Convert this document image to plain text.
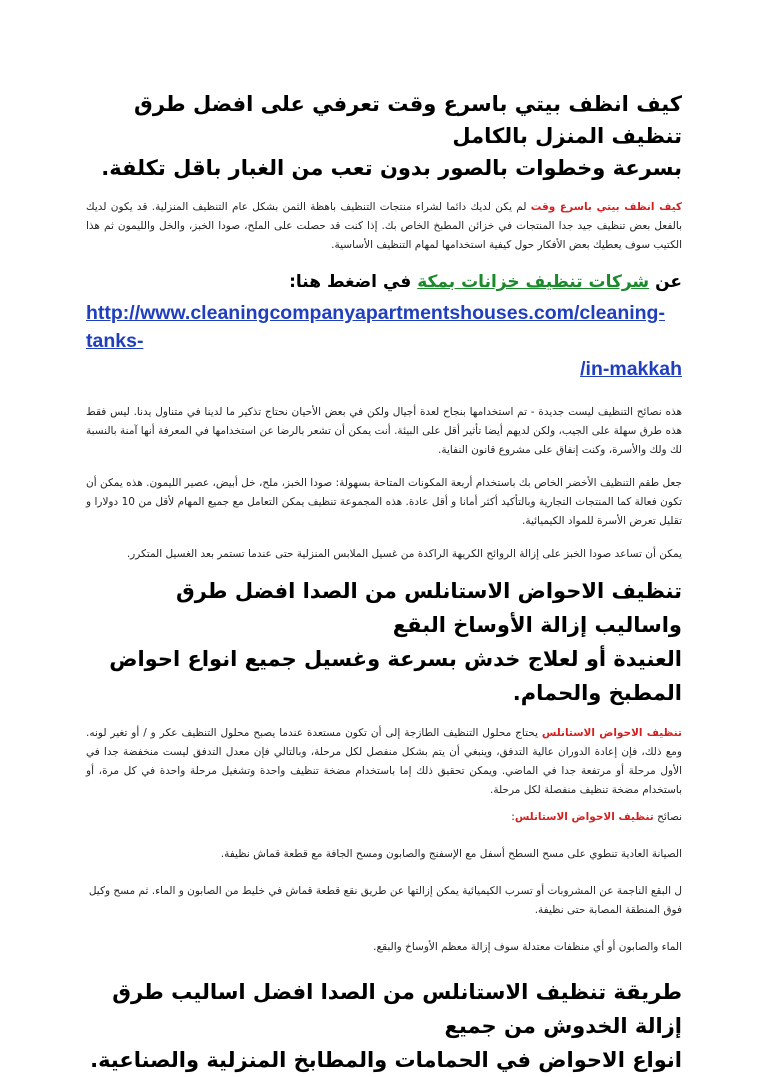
كيف انظف بيتي باسرع وقت تعرفي على افضل طرق تنظيف المنزل بالكامل
بسرعة وخطوات بالصور بدون تعب من الغبار باقل تكلفة.

كيف انظف بيتي باسرع وقت لم يكن لديك دائما لشراء منتجات التنظيف باهظة الثمن بشكل عام التنظيف المنزلية. قد يكون لديك بالفعل بعض تنظيف جيد جدا المنتجات في خزائن المطبخ الخاص بك. إذا كنت قد حصلت على الملح، صودا الخبز، والخل والليمون ثم هذا الكتيب سوف يعطيك بعض الأفكار حول كيفية استخدامها لمهام التنظيف الأساسية.

عن شركات تنظيف خزانات بمكة في اضغط هنا:
http://www.cleaningcompanyapartmentshouses.com/cleaning-tanks-
/in-makkah

هذه نصائح التنظيف ليست جديدة - تم استخدامها بنجاح لعدة أجيال ولكن في بعض الأحيان نحتاج تذكير ما لدينا في متناول يدنا. ليس فقط هذه طرق سهلة على الجيب، ولكن لديهم أيضا تأثير أقل على البيئة. أنت يمكن أن تشعر بالرضا عن استخدامها في المعرفة أنها آمنة بالنسبة لك ولك والأسرة، وكنت إنفاق على مشروع قانون النفاية.

جعل طقم التنظيف الأخضر الخاص بك باستخدام أربعة المكونات المتاحة بسهولة: صودا الخبز، ملح، خل أبيض، عصير الليمون. هذه يمكن أن تكون فعالة كما المنتجات التجارية وبالتأكيد أكثر أمانا و أقل عادة. هذه المجموعة تنظيف يمكن التعامل مع جميع المهام لأقل من 10 دولارا و تقليل تعرض الأسرة للمواد الكيميائية.

يمكن أن تساعد صودا الخبز على إزالة الروائح الكريهة الراكدة من غسيل الملابس المنزلية حتى عندما تستمر بعد الغسيل المتكرر.

تنظيف الاحواض الاستانلس من الصدا افضل طرق واساليب إزالة الأوساخ البقع
العنيدة أو لعلاج خدش بسرعة وغسيل جميع انواع احواض المطبخ والحمام.

تنظيف الاحواض الاستانلس يحتاج محلول التنظيف الطازجة إلى أن تكون مستعدة عندما يصبح محلول التنظيف عكر و / أو تغير لونه. ومع ذلك، فإن إعادة الدوران عالية التدفق، وينبغي أن يتم بشكل منفصل لكل مرحلة، وبالتالي فإن معدل التدفق ليست منخفضة جدا في الأول مرحلة أو مرتفعة جدا في الماضي. ويمكن تحقيق ذلك إما باستخدام مضخة تنظيف واحدة وتشغيل مرحلة واحدة في كل مرة، أو باستخدام مضخة تنظيف منفصلة لكل مرحلة.

نصائح تنظيف الاحواض الاستانلس:

الصيانة العادية تنطوي على مسح السطح أسفل مع الإسفنج والصابون ومسح الجافة مع قطعة قماش نظيفة.

ل البقع الناجمة عن المشروبات أو تسرب الكيميائية يمكن إزالتها عن طريق نقع قطعة قماش في خليط من الصابون و الماء. ثم مسح وكيل فوق المنطقة المصابة حتى نظيفة.

الماء والصابون أو أي منظفات معتدلة سوف إزالة معظم الأوساخ والبقع.

طريقة تنظيف الاستانلس من الصدا افضل اساليب طرق إزالة الخدوش من جميع
انواع الاحواض في الحمامات والمطابخ المنزلية والصناعية.
